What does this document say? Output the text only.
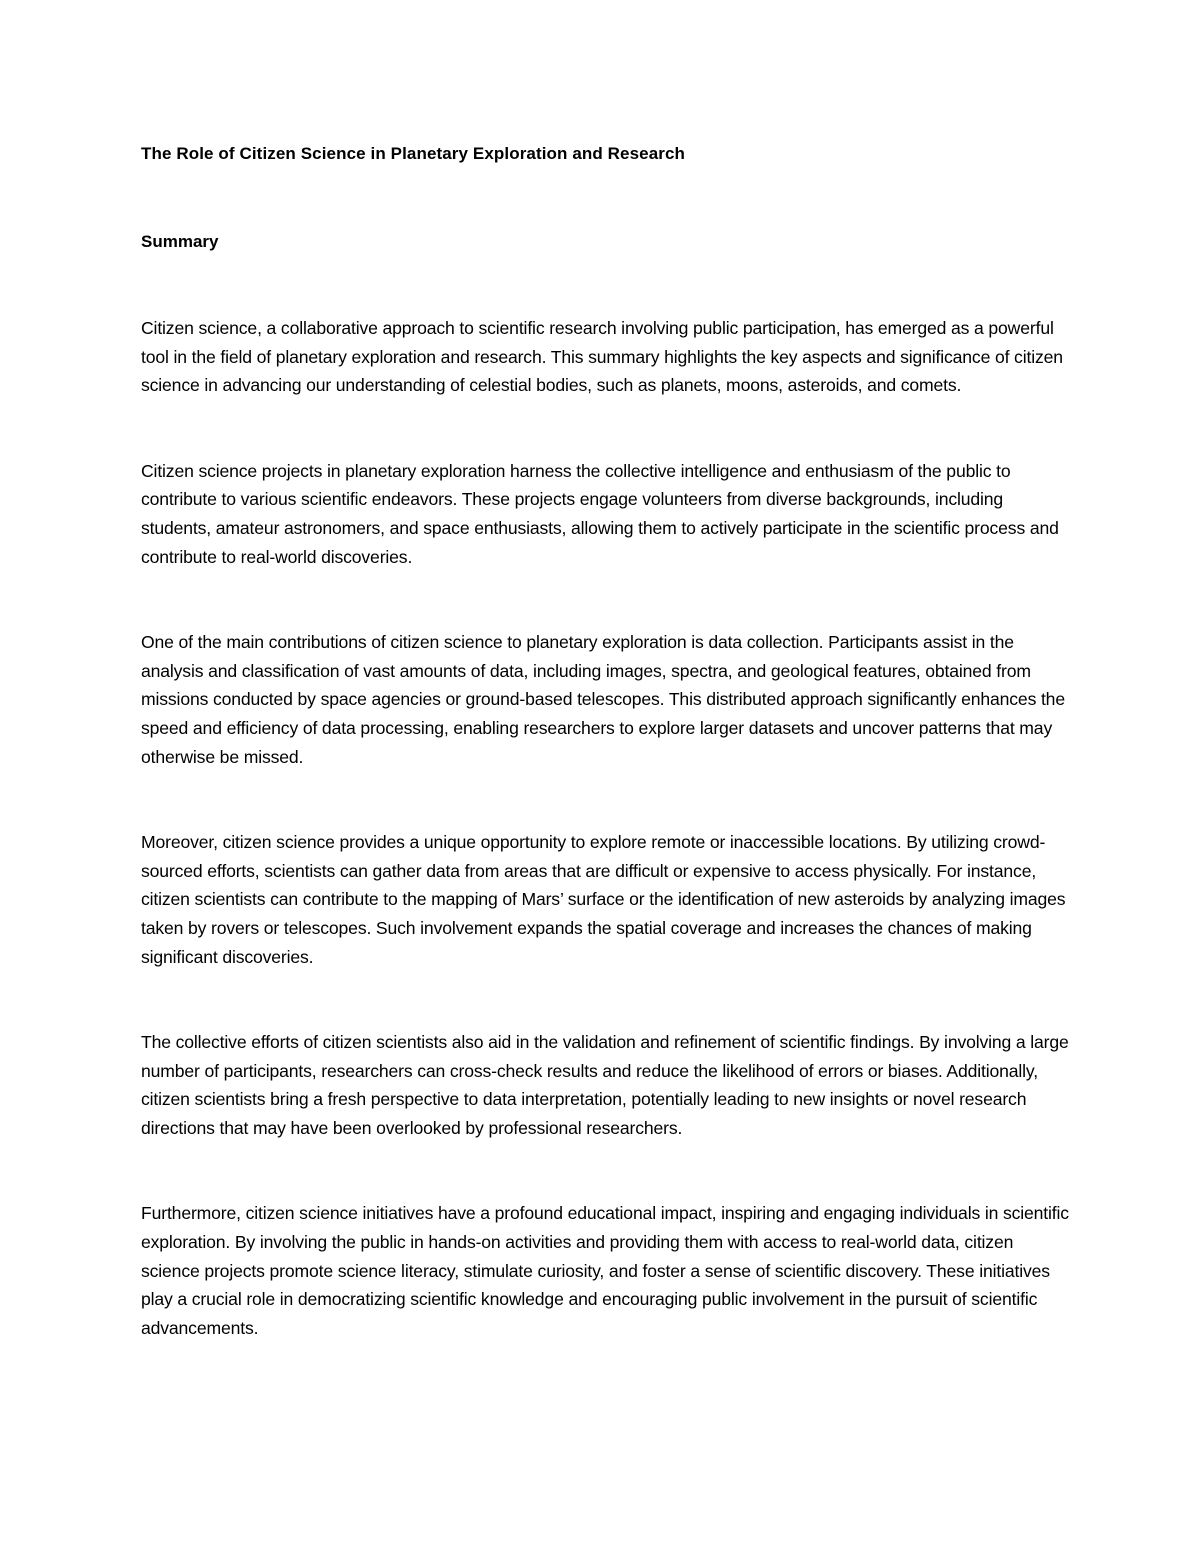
The Role of Citizen Science in Planetary Exploration and Research
Summary

Citizen science, a collaborative approach to scientific research involving public participation, has emerged as a powerful tool in the field of planetary exploration and research. This summary highlights the key aspects and significance of citizen science in advancing our understanding of celestial bodies, such as planets, moons, asteroids, and comets.

Citizen science projects in planetary exploration harness the collective intelligence and enthusiasm of the public to contribute to various scientific endeavors. These projects engage volunteers from diverse backgrounds, including students, amateur astronomers, and space enthusiasts, allowing them to actively participate in the scientific process and contribute to real-world discoveries.

One of the main contributions of citizen science to planetary exploration is data collection. Participants assist in the analysis and classification of vast amounts of data, including images, spectra, and geological features, obtained from missions conducted by space agencies or ground-based telescopes. This distributed approach significantly enhances the speed and efficiency of data processing, enabling researchers to explore larger datasets and uncover patterns that may otherwise be missed.

Moreover, citizen science provides a unique opportunity to explore remote or inaccessible locations. By utilizing crowd-sourced efforts, scientists can gather data from areas that are difficult or expensive to access physically. For instance, citizen scientists can contribute to the mapping of Mars’ surface or the identification of new asteroids by analyzing images taken by rovers or telescopes. Such involvement expands the spatial coverage and increases the chances of making significant discoveries.

The collective efforts of citizen scientists also aid in the validation and refinement of scientific findings. By involving a large number of participants, researchers can cross-check results and reduce the likelihood of errors or biases. Additionally, citizen scientists bring a fresh perspective to data interpretation, potentially leading to new insights or novel research directions that may have been overlooked by professional researchers.

Furthermore, citizen science initiatives have a profound educational impact, inspiring and engaging individuals in scientific exploration. By involving the public in hands-on activities and providing them with access to real-world data, citizen science projects promote science literacy, stimulate curiosity, and foster a sense of scientific discovery. These initiatives play a crucial role in democratizing scientific knowledge and encouraging public involvement in the pursuit of scientific advancements.
